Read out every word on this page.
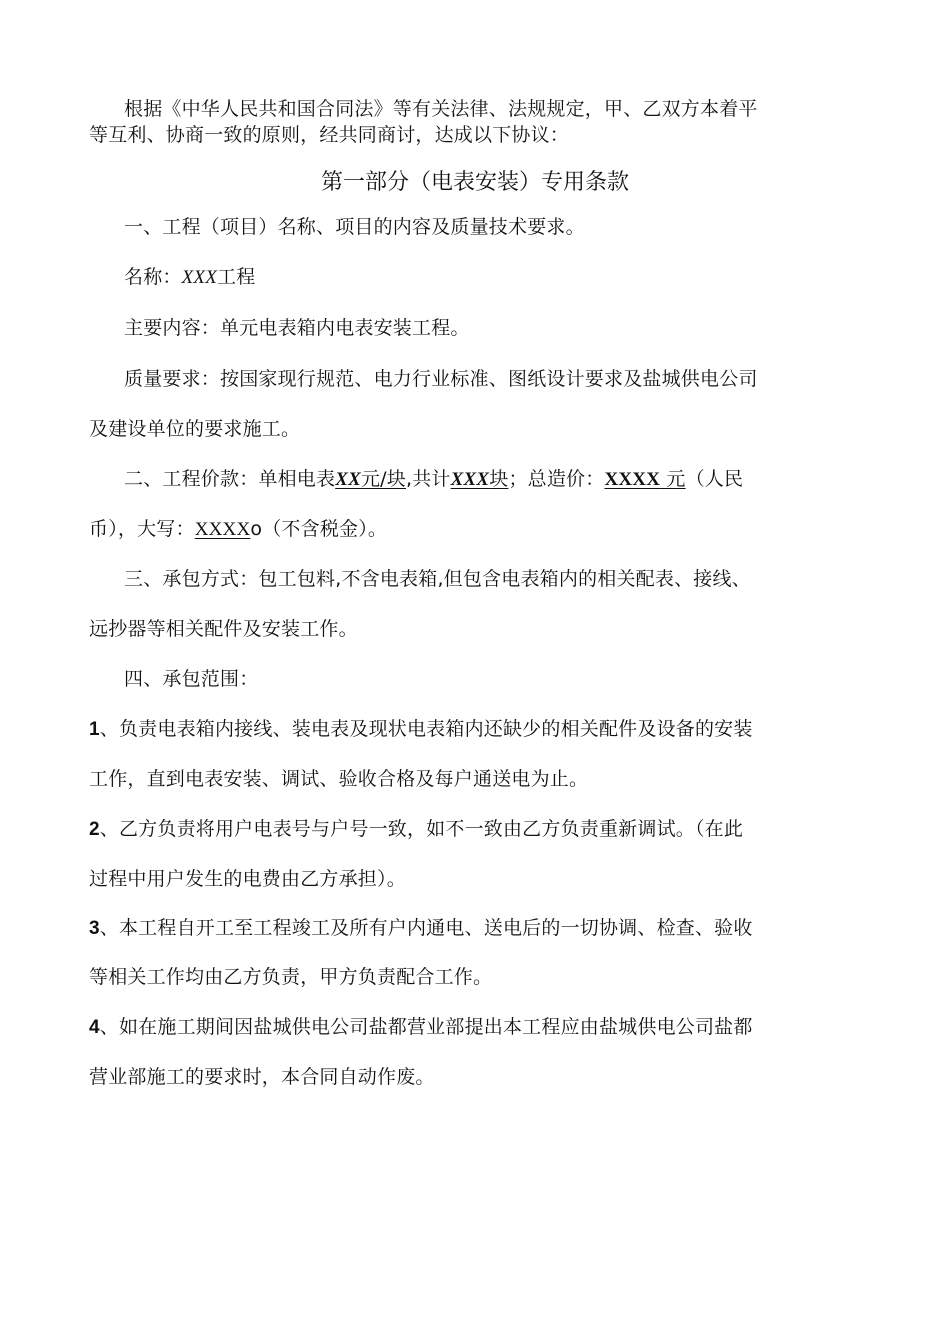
根据《中华人民共和国合同法》等有关法律、法规规定，甲、乙双方本着平
等互利、协商一致的原则，经共同商讨，达成以下协议：
第一部分（电表安装）专用条款
一、工程（项目）名称、项目的内容及质量技术要求。
名称：XXX工程
主要内容：单元电表箱内电表安装工程。
质量要求：按国家现行规范、电力行业标准、图纸设计要求及盐城供电公司
及建设单位的要求施工。
二、工程价款：单相电表XX元/块,共计XXX块；总造价：XXXX 元（人民
币），大写：XXXXo（不含税金）。
三、承包方式：包工包料,不含电表箱,但包含电表箱内的相关配表、接线、
远抄器等相关配件及安装工作。
四、承包范围：
1、负责电表箱内接线、装电表及现状电表箱内还缺少的相关配件及设备的安装
工作，直到电表安装、调试、验收合格及每户通送电为止。
2、乙方负责将用户电表号与户号一致，如不一致由乙方负责重新调试。（在此
过程中用户发生的电费由乙方承担）。
3、本工程自开工至工程竣工及所有户内通电、送电后的一切协调、检查、验收
等相关工作均由乙方负责，甲方负责配合工作。
4、如在施工期间因盐城供电公司盐都营业部提出本工程应由盐城供电公司盐都
营业部施工的要求时，本合同自动作废。
